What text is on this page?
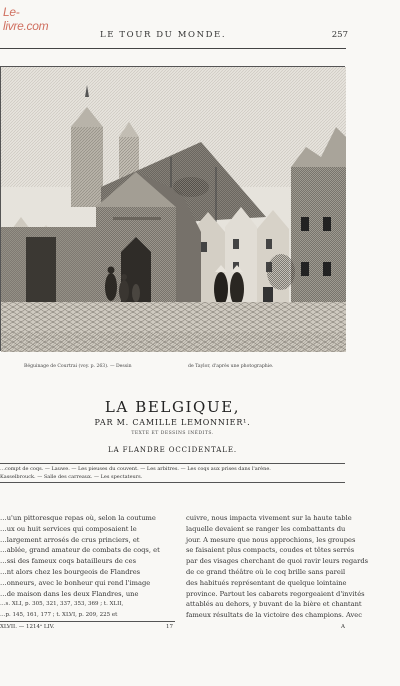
Le-livre.com
LE TOUR DU MONDE.	257
Béguinage de Courtrai (voy. p. 263). — Dessin	de Taylor, d'après une photographie.
LA BELGIQUE,
PAR M. CAMILLE LEMONNIER¹.
TEXTE ET DESSINS INÉDITS.
LA FLANDRE OCCIDENTALE.
…compt de coqs. — Lauwe. — Les pieuses du couvent. — Les arbitres. — Les coqs aux prises dans l'arène.
Kasselbrouck. — Salle des carreaux. — Les spectateurs.
…u'un pittoresque repas où, selon la coutume
…ux ou huit services qui composaient le
…largement arrosés de crus princiers, et
…ablée, grand amateur de combats de coqs, et
…ssi des fameux coqs batailleurs de ces
…nt alors chez les bourgeois de Flandres
…onneurs, avec le bonheur qui rend l'image
…de maison dans les deux Flandres, une
…s. XLI, p. 305, 321, 337, 353, 369 ; t. XLII,
…p. 145, 161, 177 ; t. XLVI, p. 209, 225 et
cuivre, nous impacta vivement sur la haute table
laquelle devaient se ranger les combattants du
jour. A mesure que nous approchions, les groupes
se faisaient plus compacts, coudes et têtes serrés
par des visages cherchant de quoi ravir leurs regards
de ce grand théâtre où le coq brille sans pareil
des habitués représentant de quelque lointaine
province. Partout les cabarets regorgeaient d'invités
attablés au dehors, y buvant de la bière et chantant
fameux résultats de la victoire des champions. Avec
XLVII. — 1214ᵉ LIV.	17	A
